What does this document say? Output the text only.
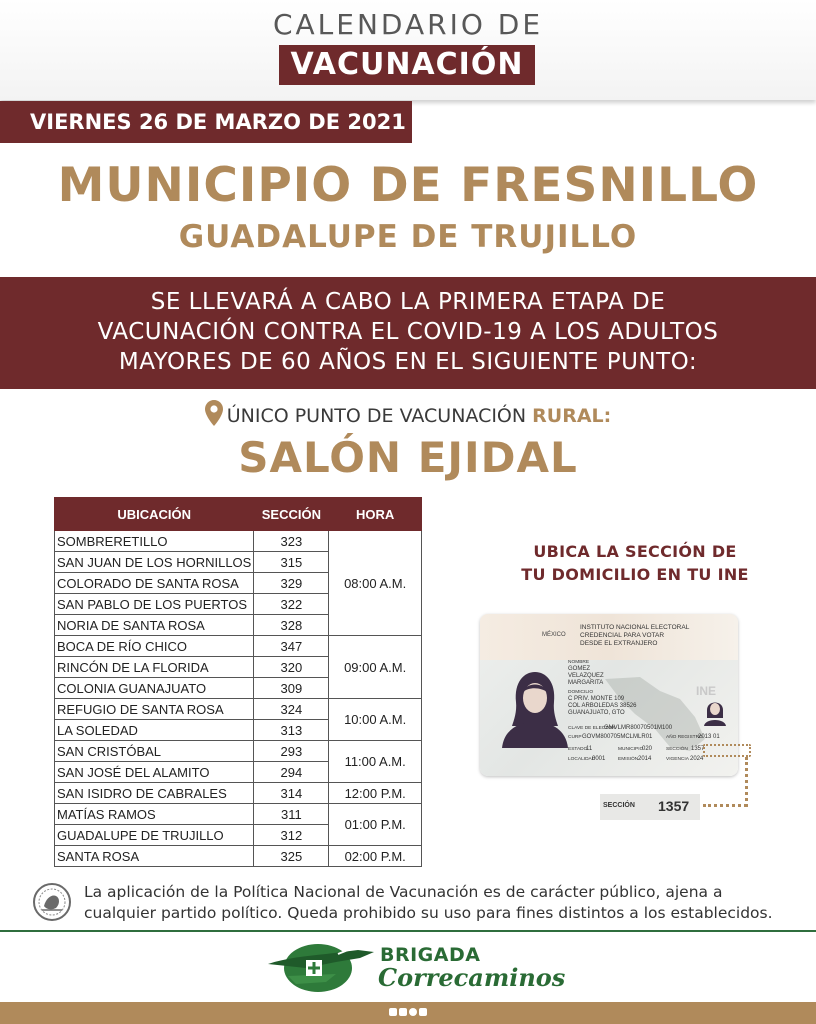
CALENDARIO DE
VACUNACIÓN
VIERNES 26 DE MARZO DE 2021
MUNICIPIO DE FRESNILLO
GUADALUPE DE TRUJILLO
SE LLEVARÁ A CABO LA PRIMERA ETAPA DE
VACUNACIÓN CONTRA EL COVID-19 A LOS ADULTOS
MAYORES DE 60 AÑOS EN EL SIGUIENTE PUNTO:
ÚNICO PUNTO DE VACUNACIÓN RURAL:
SALÓN EJIDAL
UBICACIÓN	SECCIÓN	HORA
SOMBRERETILLO	323	08:00 A.M.
SAN JUAN DE LOS HORNILLOS	315	
COLORADO DE SANTA ROSA	329	
SAN PABLO DE LOS PUERTOS	322	
NORIA DE SANTA ROSA	328	
BOCA DE RÍO CHICO	347	09:00 A.M.
RINCÓN DE LA FLORIDA	320	
COLONIA GUANAJUATO	309	
REFUGIO DE SANTA ROSA	324	10:00 A.M.
LA SOLEDAD	313	
SAN CRISTÓBAL	293	11:00 A.M.
SAN JOSÉ DEL ALAMITO	294	
SAN ISIDRO DE CABRALES	314	12:00 P.M.
MATÍAS RAMOS	311	01:00 P.M.
GUADALUPE DE TRUJILLO	312	
SANTA ROSA	325	02:00 P.M.
UBICA LA SECCIÓN DE
TU DOMICILIO EN TU INE
INE
MÉXICO
INSTITUTO NACIONAL ELECTORAL
CREDENCIAL PARA VOTAR
DESDE EL EXTRANJERO
NOMBRE
GOMEZ
VELAZQUEZ
MARGARITA
DOMICILIO
C PRIV. MONTE 109
COL ARBOLEDAS 38526
GUANAJUATO, GTO
CLAVE DE ELECTOR
GMVLMR80070501M100
CURP GOVM800705MCLMLR01	AÑO REGISTRO
2013 01
ESTADO
11	MUNICIPIO
020	SECCIÓN 1357
LOCALIDAD
0001	EMISIÓN 2014	VIGENCIA 2024
SECCIÓN 1357
La aplicación de la Política Nacional de Vacunación es de carácter público, ajena a
cualquier partido político. Queda prohibido su uso para fines distintos a los establecidos.
BRIGADA
Correcaminos
